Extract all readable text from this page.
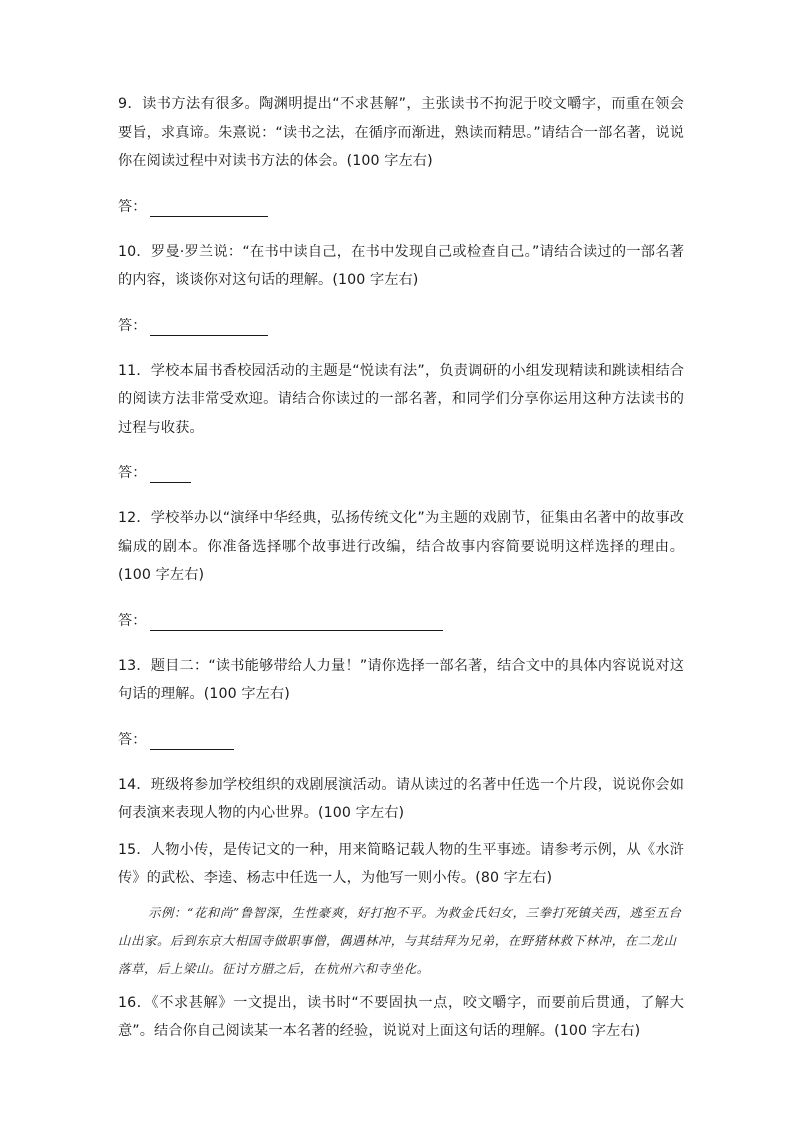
9．读书方法有很多。陶渊明提出“不求甚解”，主张读书不拘泥于咬文嚼字，而重在领会要旨，求真谛。朱熹说：“读书之法，在循序而渐进，熟读而精思。”请结合一部名著，说说你在阅读过程中对读书方法的体会。(100 字左右)

答：

10．罗曼·罗兰说：“在书中读自己，在书中发现自己或检查自己。”请结合读过的一部名著的内容，谈谈你对这句话的理解。(100 字左右)

答：

11．学校本届书香校园活动的主题是“悦读有法”，负责调研的小组发现精读和跳读相结合的阅读方法非常受欢迎。请结合你读过的一部名著，和同学们分享你运用这种方法读书的过程与收获。

答：

12．学校举办以“演绎中华经典，弘扬传统文化”为主题的戏剧节，征集由名著中的故事改编成的剧本。你准备选择哪个故事进行改编，结合故事内容简要说明这样选择的理由。(100 字左右)

答：

13．题目二：“读书能够带给人力量！”请你选择一部名著，结合文中的具体内容说说对这句话的理解。(100 字左右)

答：

14．班级将参加学校组织的戏剧展演活动。请从读过的名著中任选一个片段，说说你会如何表演来表现人物的内心世界。(100 字左右)

15．人物小传，是传记文的一种，用来简略记载人物的生平事迹。请参考示例，从《水浒传》的武松、李逵、杨志中任选一人，为他写一则小传。(80 字左右)

示例：“花和尚”鲁智深，生性豪爽，好打抱不平。为救金氏妇女，三拳打死镇关西，逃至五台山出家。后到东京大相国寺做职事僧，偶遇林冲，与其结拜为兄弟，在野猪林救下林冲，在二龙山落草，后上梁山。征讨方腊之后，在杭州六和寺坐化。

16．《不求甚解》一文提出，读书时“不要固执一点，咬文嚼字，而要前后贯通，了解大意”。结合你自己阅读某一本名著的经验，说说对上面这句话的理解。(100 字左右)
